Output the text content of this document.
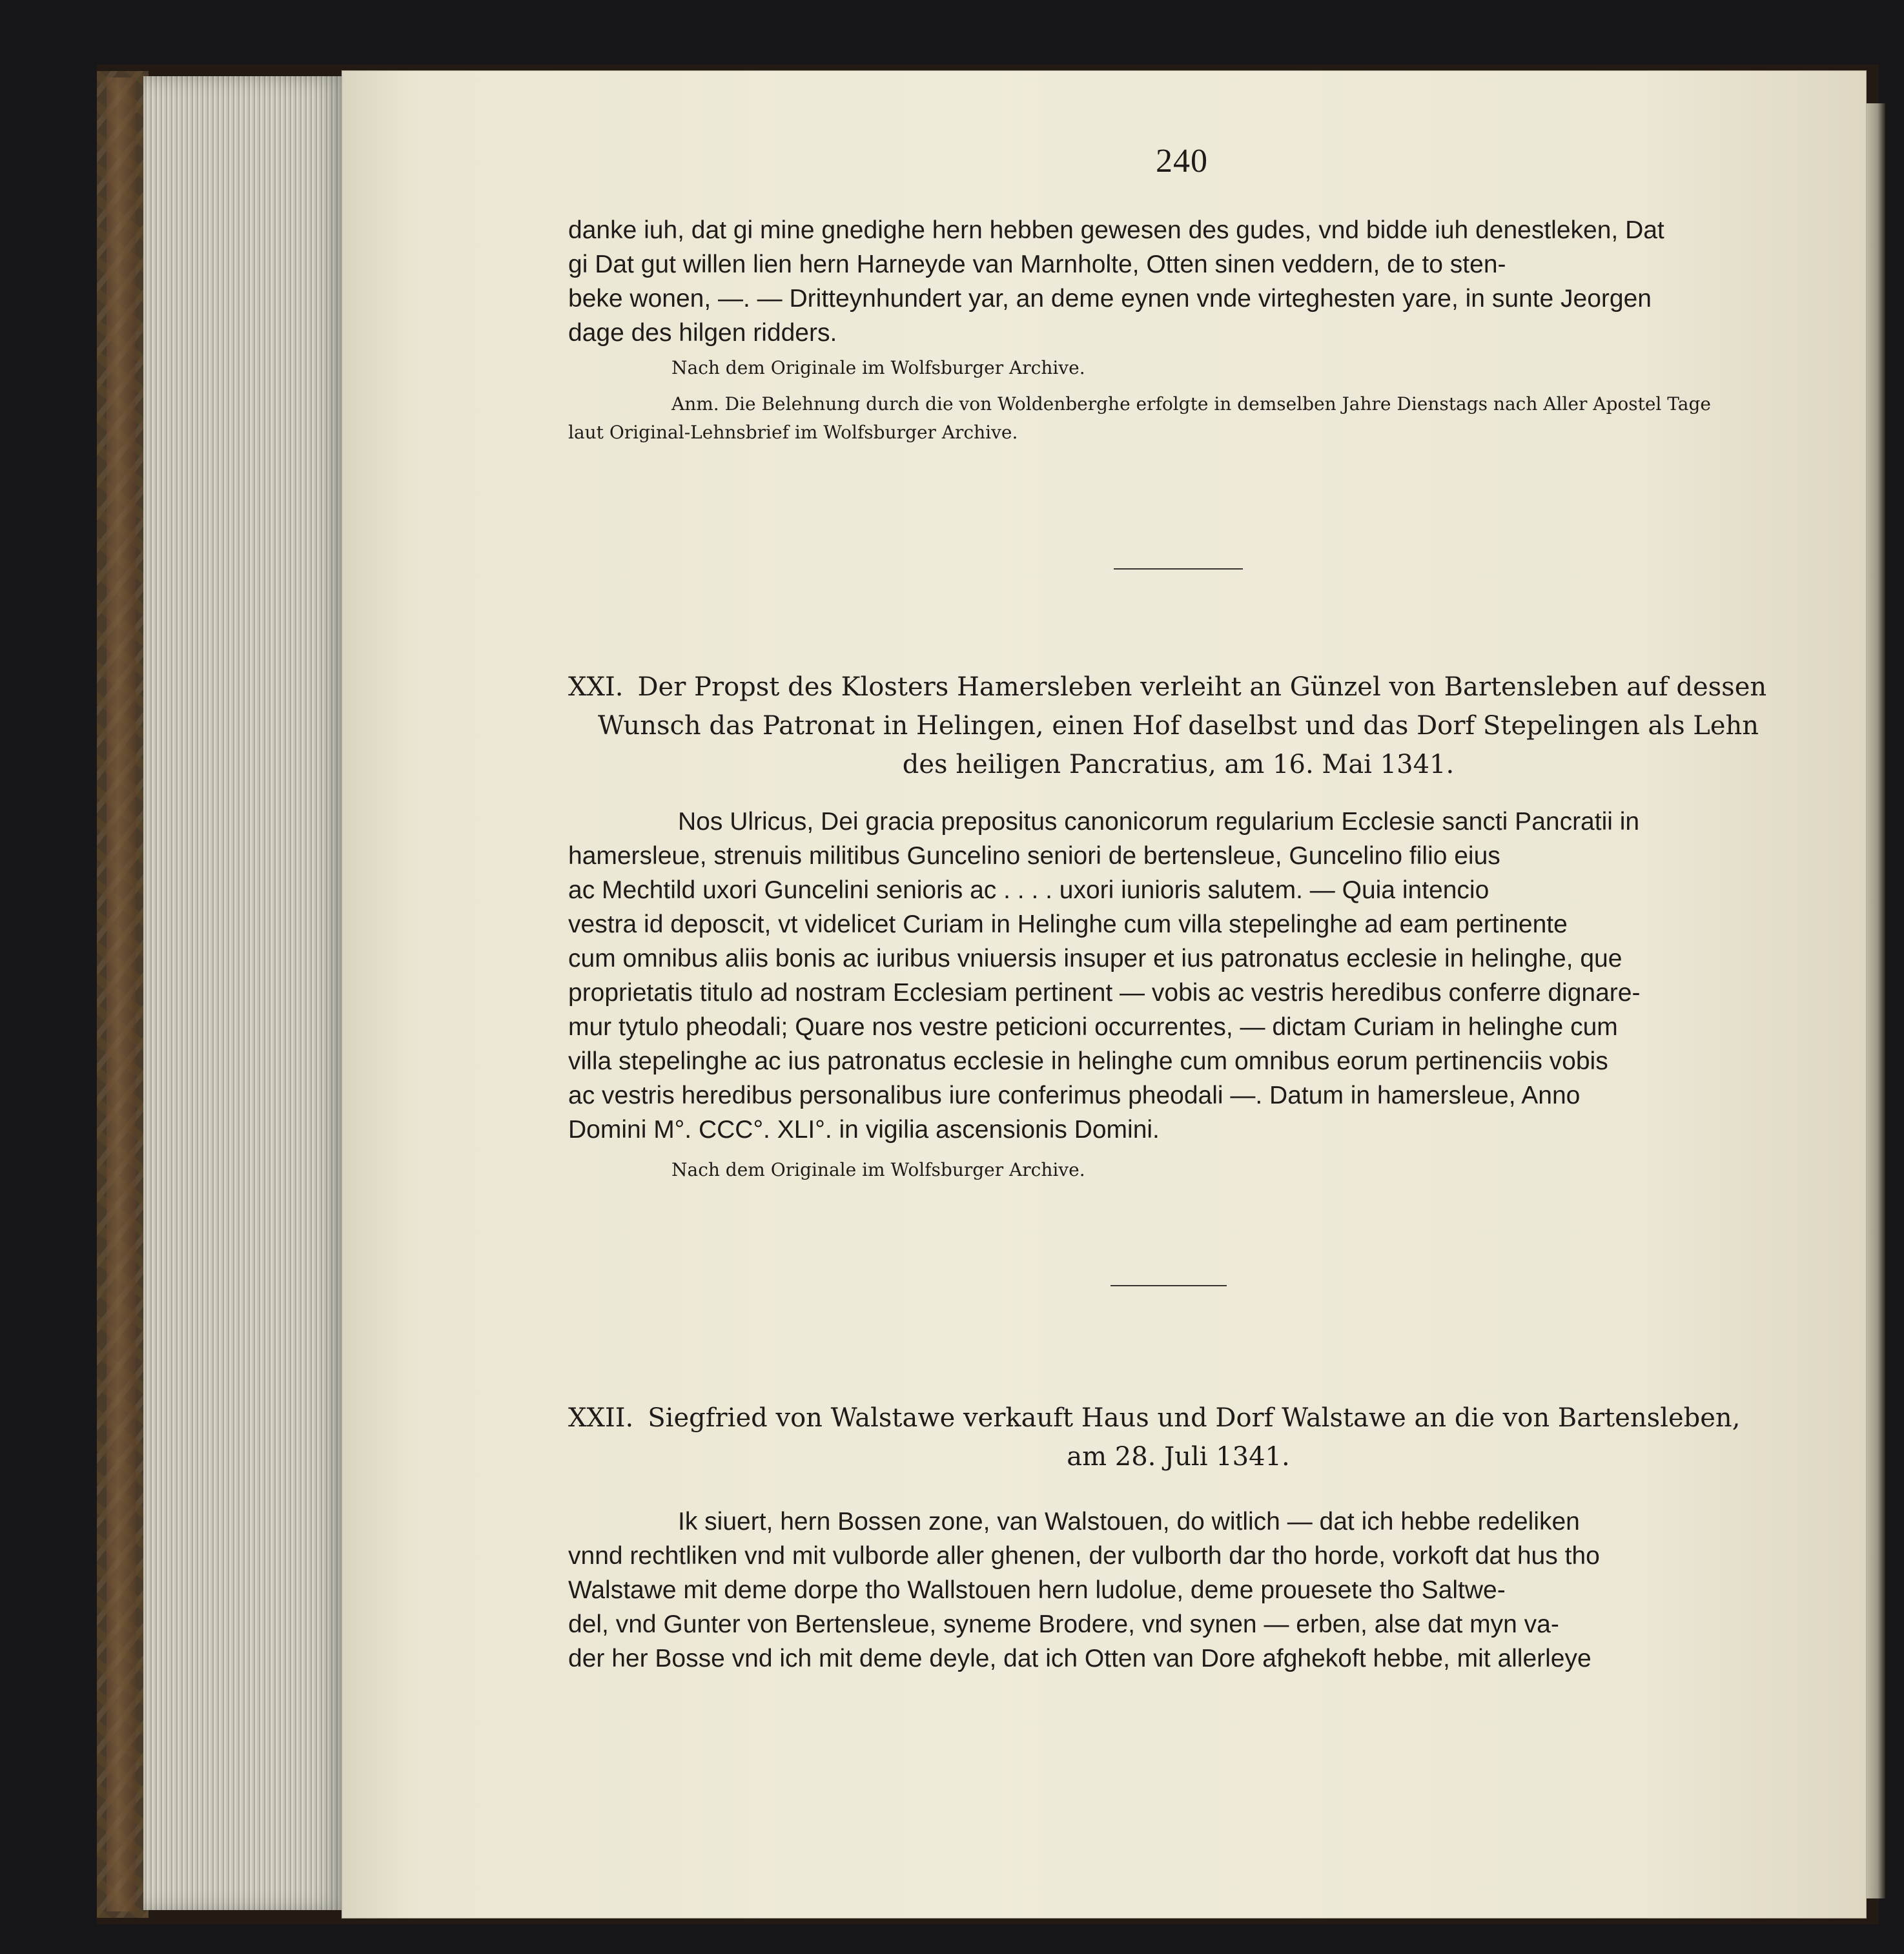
240

danke iuh, dat gi mine gnedighe hern hebben gewesen des gudes, vnd bidde iuh denestleken, Dat

gi Dat gut willen lien hern Harneyde van Marnholte, Otten sinen veddern, de to sten-

beke wonen, —. — Dritteynhundert yar, an deme eynen vnde virteghesten yare, in sunte Jeorgen

dage des hilgen ridders.

Nach dem Originale im Wolfsburger Archive.

Anm. Die Belehnung durch die von Woldenberghe erfolgte in demselben Jahre Dienstags nach Aller Apostel Tage

laut Original-Lehnsbrief im Wolfsburger Archive.

XXI. Der Propst des Klosters Hamersleben verleiht an Günzel von Bartensleben auf dessen

Wunsch das Patronat in Helingen, einen Hof daselbst und das Dorf Stepelingen als Lehn

des heiligen Pancratius, am 16. Mai 1341.

Nos Ulricus, Dei gracia prepositus canonicorum regularium Ecclesie sancti Pancratii in

hamersleue, strenuis militibus Guncelino seniori de bertensleue, Guncelino filio eius

ac Mechtild uxori Guncelini senioris ac . . . . uxori iunioris salutem. — Quia intencio

vestra id deposcit, vt videlicet Curiam in Helinghe cum villa stepelinghe ad eam pertinente

cum omnibus aliis bonis ac iuribus vniuersis insuper et ius patronatus ecclesie in helinghe, que

proprietatis titulo ad nostram Ecclesiam pertinent — vobis ac vestris heredibus conferre dignare-

mur tytulo pheodali; Quare nos vestre peticioni occurrentes, — dictam Curiam in helinghe cum

villa stepelinghe ac ius patronatus ecclesie in helinghe cum omnibus eorum pertinenciis vobis

ac vestris heredibus personalibus iure conferimus pheodali —. Datum in hamersleue, Anno

Domini M°. CCC°. XLI°. in vigilia ascensionis Domini.

Nach dem Originale im Wolfsburger Archive.

XXII. Siegfried von Walstawe verkauft Haus und Dorf Walstawe an die von Bartensleben,

am 28. Juli 1341.

Ik siuert, hern Bossen zone, van Walstouen, do witlich — dat ich hebbe redeliken

vnnd rechtliken vnd mit vulborde aller ghenen, der vulborth dar tho horde, vorkoft dat hus tho

Walstawe mit deme dorpe tho Wallstouen hern ludolue, deme prouesete tho Saltwe-

del, vnd Gunter von Bertensleue, syneme Brodere, vnd synen — erben, alse dat myn va-

der her Bosse vnd ich mit deme deyle, dat ich Otten van Dore afghekoft hebbe, mit allerleye
